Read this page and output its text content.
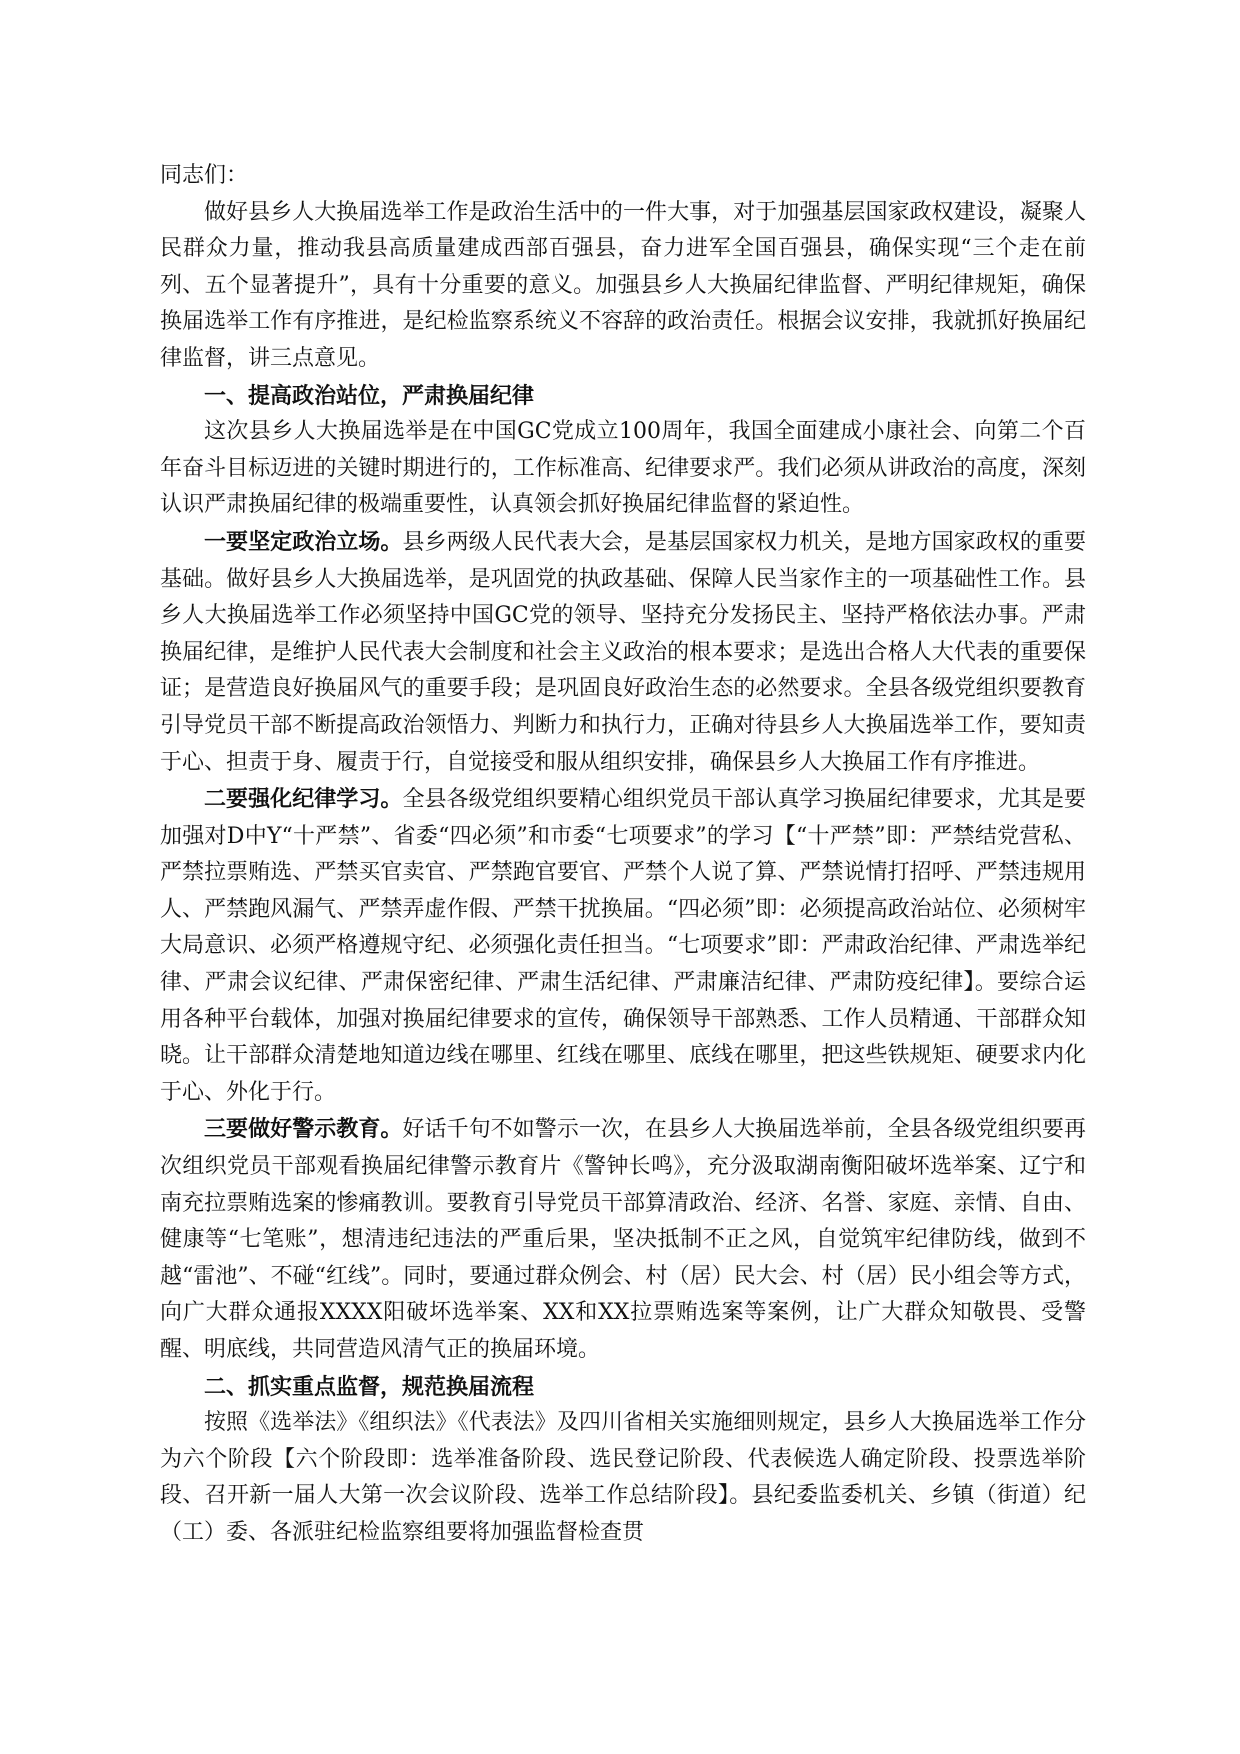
同志们：

做好县乡人大换届选举工作是政治生活中的一件大事，对于加强基层国家政权建设，凝聚人民群众力量，推动我县高质量建成西部百强县，奋力进军全国百强县，确保实现“三个走在前列、五个显著提升”，具有十分重要的意义。加强县乡人大换届纪律监督、严明纪律规矩，确保换届选举工作有序推进，是纪检监察系统义不容辞的政治责任。根据会议安排，我就抓好换届纪律监督，讲三点意见。

一、提高政治站位，严肃换届纪律

这次县乡人大换届选举是在中国GC党成立100周年，我国全面建成小康社会、向第二个百年奋斗目标迈进的关键时期进行的，工作标准高、纪律要求严。我们必须从讲政治的高度，深刻认识严肃换届纪律的极端重要性，认真领会抓好换届纪律监督的紧迫性。

一要坚定政治立场。县乡两级人民代表大会，是基层国家权力机关，是地方国家政权的重要基础。做好县乡人大换届选举，是巩固党的执政基础、保障人民当家作主的一项基础性工作。县乡人大换届选举工作必须坚持中国GC党的领导、坚持充分发扬民主、坚持严格依法办事。严肃换届纪律，是维护人民代表大会制度和社会主义政治的根本要求；是选出合格人大代表的重要保证；是营造良好换届风气的重要手段；是巩固良好政治生态的必然要求。全县各级党组织要教育引导党员干部不断提高政治领悟力、判断力和执行力，正确对待县乡人大换届选举工作，要知责于心、担责于身、履责于行，自觉接受和服从组织安排，确保县乡人大换届工作有序推进。

二要强化纪律学习。全县各级党组织要精心组织党员干部认真学习换届纪律要求，尤其是要加强对D中Y“十严禁”、省委“四必须”和市委“七项要求”的学习【“十严禁”即：严禁结党营私、严禁拉票贿选、严禁买官卖官、严禁跑官要官、严禁个人说了算、严禁说情打招呼、严禁违规用人、严禁跑风漏气、严禁弄虚作假、严禁干扰换届。“四必须”即：必须提高政治站位、必须树牢大局意识、必须严格遵规守纪、必须强化责任担当。“七项要求”即：严肃政治纪律、严肃选举纪律、严肃会议纪律、严肃保密纪律、严肃生活纪律、严肃廉洁纪律、严肃防疫纪律】。要综合运用各种平台载体，加强对换届纪律要求的宣传，确保领导干部熟悉、工作人员精通、干部群众知晓。让干部群众清楚地知道边线在哪里、红线在哪里、底线在哪里，把这些铁规矩、硬要求内化于心、外化于行。

三要做好警示教育。好话千句不如警示一次，在县乡人大换届选举前，全县各级党组织要再次组织党员干部观看换届纪律警示教育片《警钟长鸣》，充分汲取湖南衡阳破坏选举案、辽宁和南充拉票贿选案的惨痛教训。要教育引导党员干部算清政治、经济、名誉、家庭、亲情、自由、健康等“七笔账”，想清违纪违法的严重后果，坚决抵制不正之风，自觉筑牢纪律防线，做到不越“雷池”、不碰“红线”。同时，要通过群众例会、村（居）民大会、村（居）民小组会等方式，向广大群众通报XXXX阳破坏选举案、XX和XX拉票贿选案等案例，让广大群众知敬畏、受警醒、明底线，共同营造风清气正的换届环境。

二、抓实重点监督，规范换届流程

按照《选举法》《组织法》《代表法》及四川省相关实施细则规定，县乡人大换届选举工作分为六个阶段【六个阶段即：选举准备阶段、选民登记阶段、代表候选人确定阶段、投票选举阶段、召开新一届人大第一次会议阶段、选举工作总结阶段】。县纪委监委机关、乡镇（街道）纪（工）委、各派驻纪检监察组要将加强监督检查贯
